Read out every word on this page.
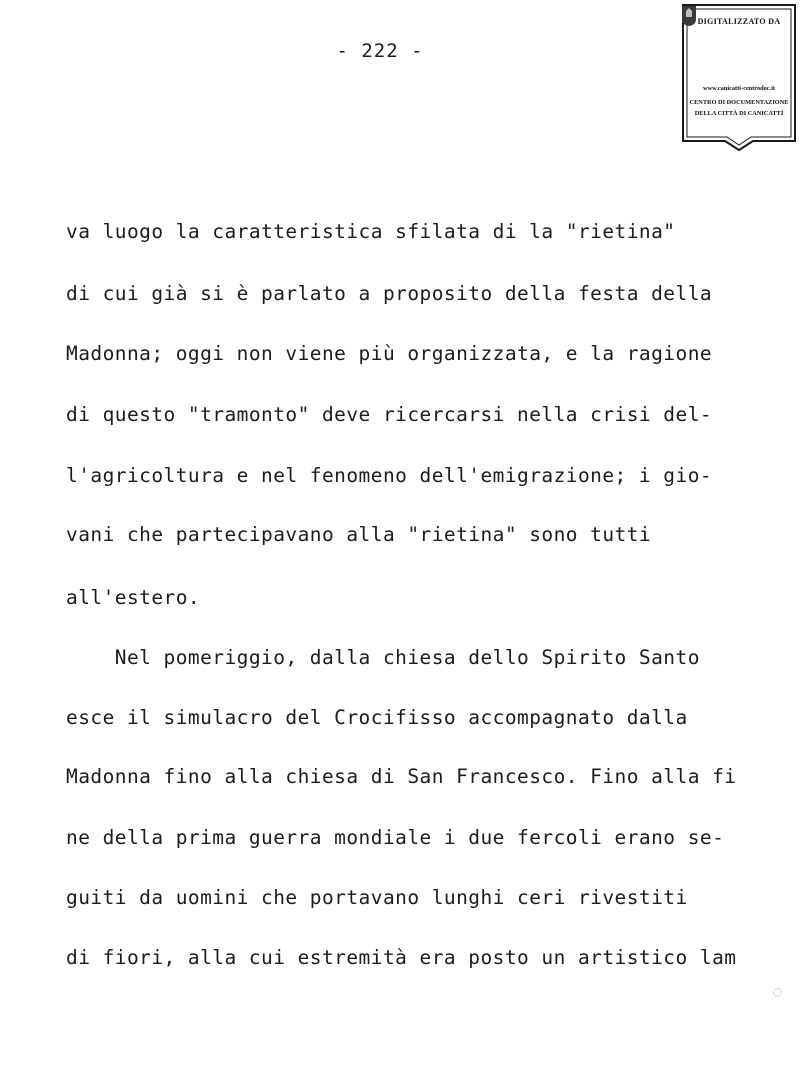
- 222 -
DIGITALIZZATO DA
www.canicatti-centrodoc.it
CENTRO DI DOCUMENTAZIONE
DELLA CITTÀ DI CANICATTÌ
va luogo la caratteristica sfilata di la "rietina"
di cui già si è parlato a proposito della festa della
Madonna; oggi non viene più organizzata, e la ragione
di questo "tramonto" deve ricercarsi nella crisi del-
l'agricoltura e nel fenomeno dell'emigrazione; i gio-
vani che partecipavano alla "rietina" sono tutti
all'estero.
Nel pomeriggio, dalla chiesa dello Spirito Santo
esce il simulacro del Crocifisso accompagnato dalla
Madonna fino alla chiesa di San Francesco. Fino alla fi
ne della prima guerra mondiale i due fercoli erano se-
guiti da uomini che portavano lunghi ceri rivestiti
di fiori, alla cui estremità era posto un artistico lam
